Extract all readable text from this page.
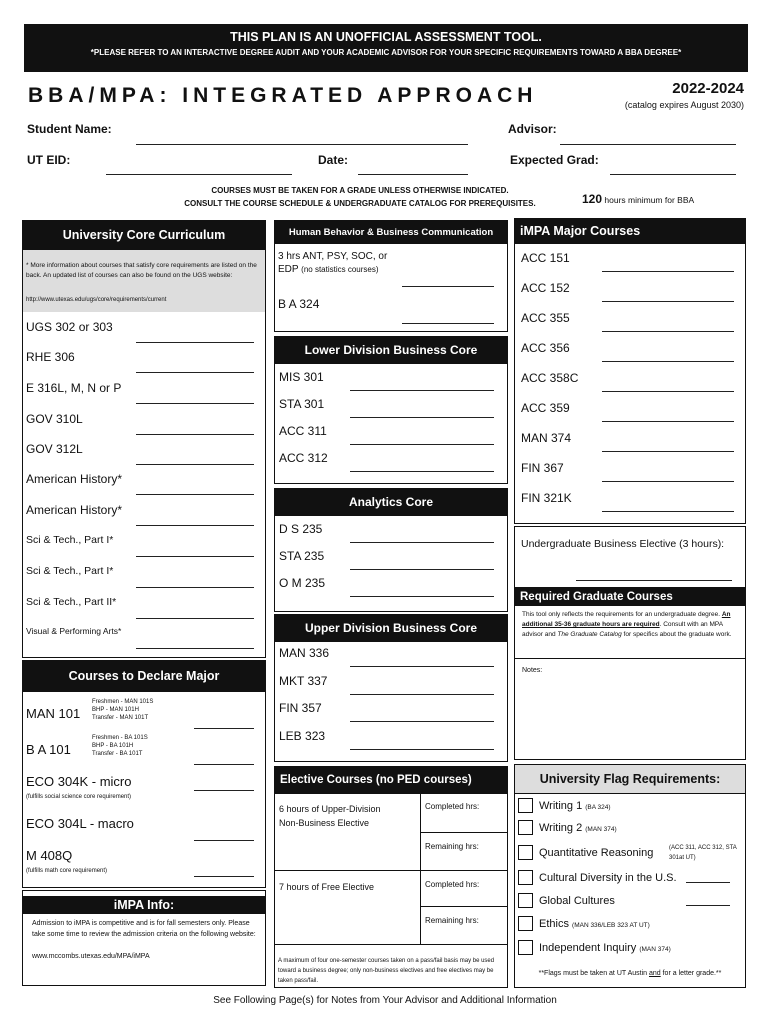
THIS PLAN IS AN UNOFFICIAL ASSESSMENT TOOL.
*PLEASE REFER TO AN INTERACTIVE DEGREE AUDIT AND YOUR ACADEMIC ADVISOR FOR YOUR SPECIFIC REQUIREMENTS TOWARD A BBA DEGREE*
BBA/MPA: INTEGRATED APPROACH	2022-2024
(catalog expires August 2030)
Student Name:	Advisor:
UT EID:	Date:	Expected Grad:
COURSES MUST BE TAKEN FOR A GRADE UNLESS OTHERWISE INDICATED.
CONSULT THE COURSE SCHEDULE & UNDERGRADUATE CATALOG FOR PREREQUISITES.	120 hours minimum for BBA
University Core Curriculum
* More information about courses that satisfy core requirements are listed on the back. An updated list of courses can also be found on the UGS website:
http://www.utexas.edu/ugs/core/requirements/current
UGS 302 or 303
RHE 306
E 316L, M, N or P
GOV 310L
GOV 312L
American History*
American History*
Sci & Tech., Part I*
Sci & Tech., Part I*
Sci & Tech., Part II*
Visual & Performing Arts*
Courses to Declare Major
MAN 101
Freshmen - MAN 101S
BHP - MAN 101H
Transfer - MAN 101T
B A 101
Freshmen - BA 101S
BHP - BA 101H
Transfer - BA 101T
ECO 304K - micro
(fulfills social science core requirement)
ECO 304L - macro
M 408Q
(fulfills math core requirement)
iMPA Info:
Admission to iMPA is competitive and is for fall semesters only. Please take some time to review the admission criteria on the following website:
www.mccombs.utexas.edu/MPA/iMPA
Human Behavior & Business Communication
3 hrs ANT, PSY, SOC, or
EDP (no statistics courses)
B A 324
Lower Division Business Core
MIS 301
STA 301
ACC 311
ACC 312
Analytics Core
D S 235
STA 235
O M 235
Upper Division Business Core
MAN 336
MKT 337
FIN 357
LEB 323
Elective Courses (no PED courses)
6 hours of Upper-Division
Non-Business Elective
Completed hrs:
Remaining hrs:
7 hours of Free Elective	Completed hrs:
Remaining hrs:
A maximum of four one-semester courses taken on a pass/fail basis may be used toward a business degree; only non-business electives and free electives may be taken pass/fail.
iMPA Major Courses
ACC 151
ACC 152
ACC 355
ACC 356
ACC 358C
ACC 359
MAN 374
FIN 367
FIN 321K
Undergraduate Business Elective (3 hours):
Required Graduate Courses
This tool only reflects the requirements for an undergraduate degree. An additional 35-36 graduate hours are required. Consult with an MPA advisor and The Graduate Catalog for specifics about the graduate work.
Notes:
University Flag Requirements:
Writing 1 (BA 324)
Writing 2 (MAN 374)
Quantitative Reasoning	(ACC 311, ACC 312, STA 301at UT)
Cultural Diversity in the U.S.
Global Cultures
Ethics (MAN 336/LEB 323 AT UT)
Independent Inquiry (MAN 374)
**Flags must be taken at UT Austin and for a letter grade.**
See Following Page(s) for Notes from Your Advisor and Additional Information
